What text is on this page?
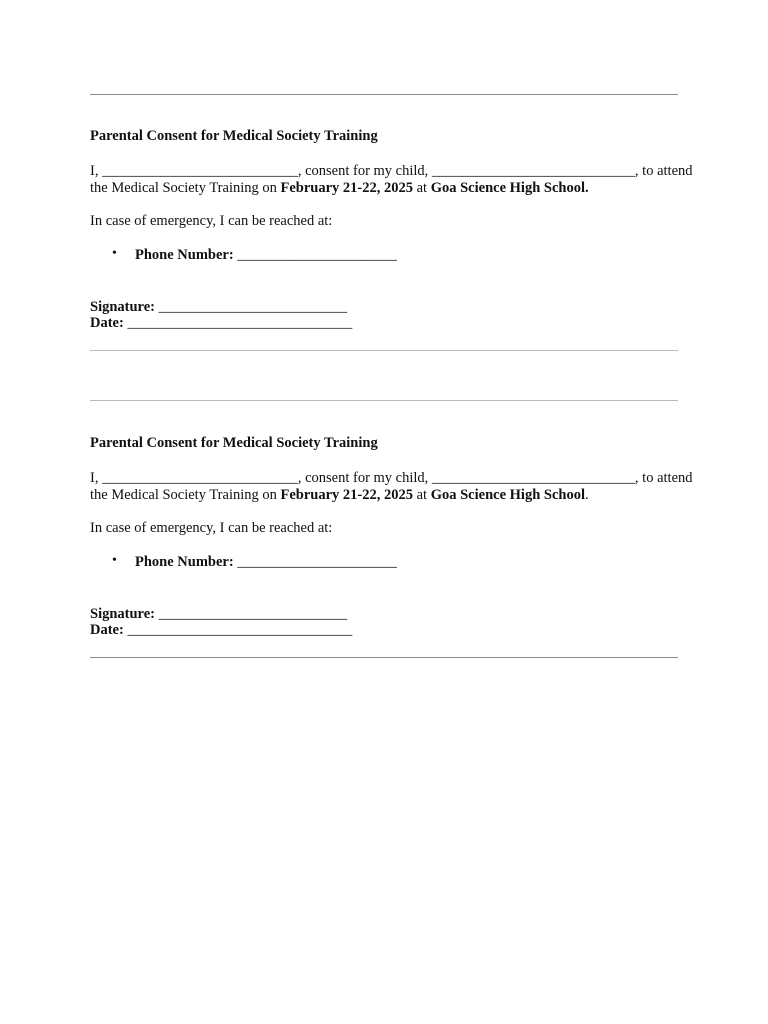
Parental Consent for Medical Society Training
I, ___________________________, consent for my child, ____________________________, to attend
the Medical Society Training on February 21-22, 2025 at Goa Science High School.
In case of emergency, I can be reached at:
• Phone Number: ______________________
Signature: __________________________
Date: _______________________________
Parental Consent for Medical Society Training
I, ___________________________, consent for my child, ____________________________, to attend
the Medical Society Training on February 21-22, 2025 at Goa Science High School.
In case of emergency, I can be reached at:
• Phone Number: ______________________
Signature: __________________________
Date: _______________________________
